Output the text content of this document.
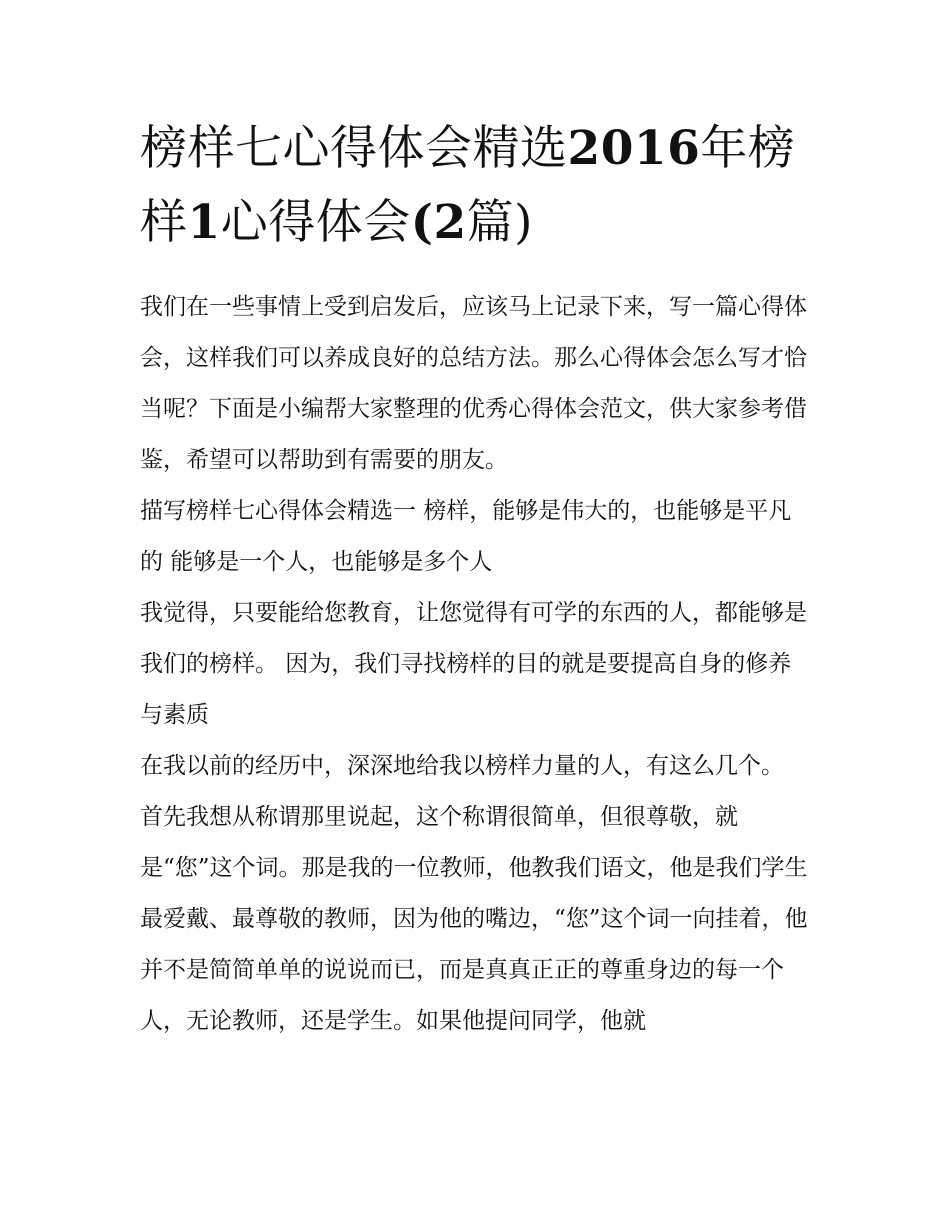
榜样七心得体会精选2016年榜样1心得体会(2篇)

我们在一些事情上受到启发后，应该马上记录下来，写一篇心得体会，这样我们可以养成良好的总结方法。那么心得体会怎么写才恰当呢？下面是小编帮大家整理的优秀心得体会范文，供大家参考借鉴，希望可以帮助到有需要的朋友。

描写榜样七心得体会精选一 榜样，能够是伟大的，也能够是平凡的 能够是一个人，也能够是多个人

我觉得，只要能给您教育，让您觉得有可学的东西的人，都能够是我们的榜样。 因为，我们寻找榜样的目的就是要提高自身的修养与素质

在我以前的经历中，深深地给我以榜样力量的人，有这么几个。

首先我想从称谓那里说起，这个称谓很简单，但很尊敬，就是“您”这个词。那是我的一位教师，他教我们语文，他是我们学生最爱戴、最尊敬的教师，因为他的嘴边，“您”这个词一向挂着，他并不是简简单单的说说而已，而是真真正正的尊重身边的每一个人，无论教师，还是学生。如果他提问同学，他就
